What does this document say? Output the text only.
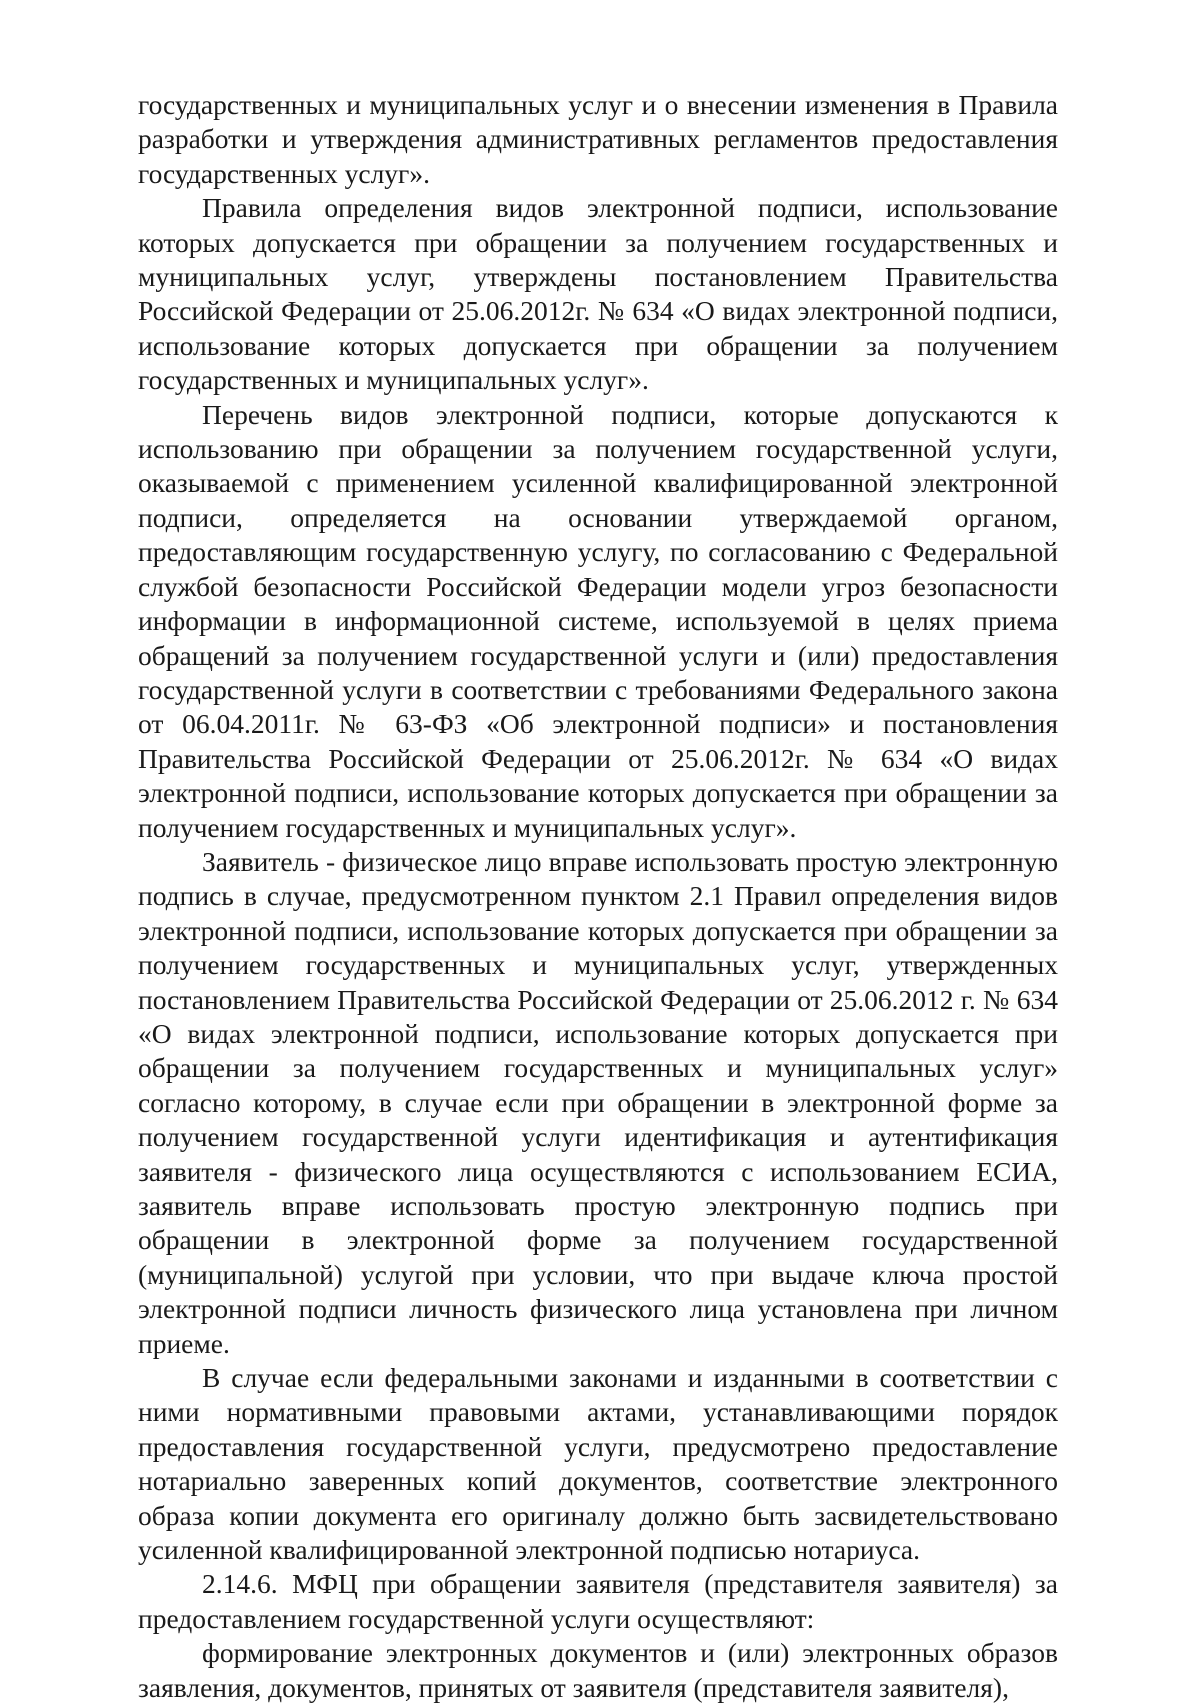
государственных и муниципальных услуг и о внесении изменения в Правила разработки и утверждения административных регламентов предоставления государственных услуг».

Правила определения видов электронной подписи, использование которых допускается при обращении за получением государственных и муниципальных услуг, утверждены постановлением Правительства Российской Федерации от 25.06.2012г. № 634 «О видах электронной подписи, использование которых допускается при обращении за получением государственных и муниципальных услуг».

Перечень видов электронной подписи, которые допускаются к использованию при обращении за получением государственной услуги, оказываемой с применением усиленной квалифицированной электронной подписи, определяется на основании утверждаемой органом, предоставляющим государственную услугу, по согласованию с Федеральной службой безопасности Российской Федерации модели угроз безопасности информации в информационной системе, используемой в целях приема обращений за получением государственной услуги и (или) предоставления государственной услуги в соответствии с требованиями Федерального закона от 06.04.2011г. № 63-ФЗ «Об электронной подписи» и постановления Правительства Российской Федерации от 25.06.2012г. № 634 «О видах электронной подписи, использование которых допускается при обращении за получением государственных и муниципальных услуг».

Заявитель - физическое лицо вправе использовать простую электронную подпись в случае, предусмотренном пунктом 2.1 Правил определения видов электронной подписи, использование которых допускается при обращении за получением государственных и муниципальных услуг, утвержденных постановлением Правительства Российской Федерации от 25.06.2012 г. № 634 «О видах электронной подписи, использование которых допускается при обращении за получением государственных и муниципальных услуг» согласно которому, в случае если при обращении в электронной форме за получением государственной услуги идентификация и аутентификация заявителя - физического лица осуществляются с использованием ЕСИА, заявитель вправе использовать простую электронную подпись при обращении в электронной форме за получением государственной (муниципальной) услугой при условии, что при выдаче ключа простой электронной подписи личность физического лица установлена при личном приеме.

В случае если федеральными законами и изданными в соответствии с ними нормативными правовыми актами, устанавливающими порядок предоставления государственной услуги, предусмотрено предоставление нотариально заверенных копий документов, соответствие электронного образа копии документа его оригиналу должно быть засвидетельствовано усиленной квалифицированной электронной подписью нотариуса.

2.14.6. МФЦ при обращении заявителя (представителя заявителя) за предоставлением государственной услуги осуществляют:

формирование электронных документов и (или) электронных образов заявления, документов, принятых от заявителя (представителя заявителя),
